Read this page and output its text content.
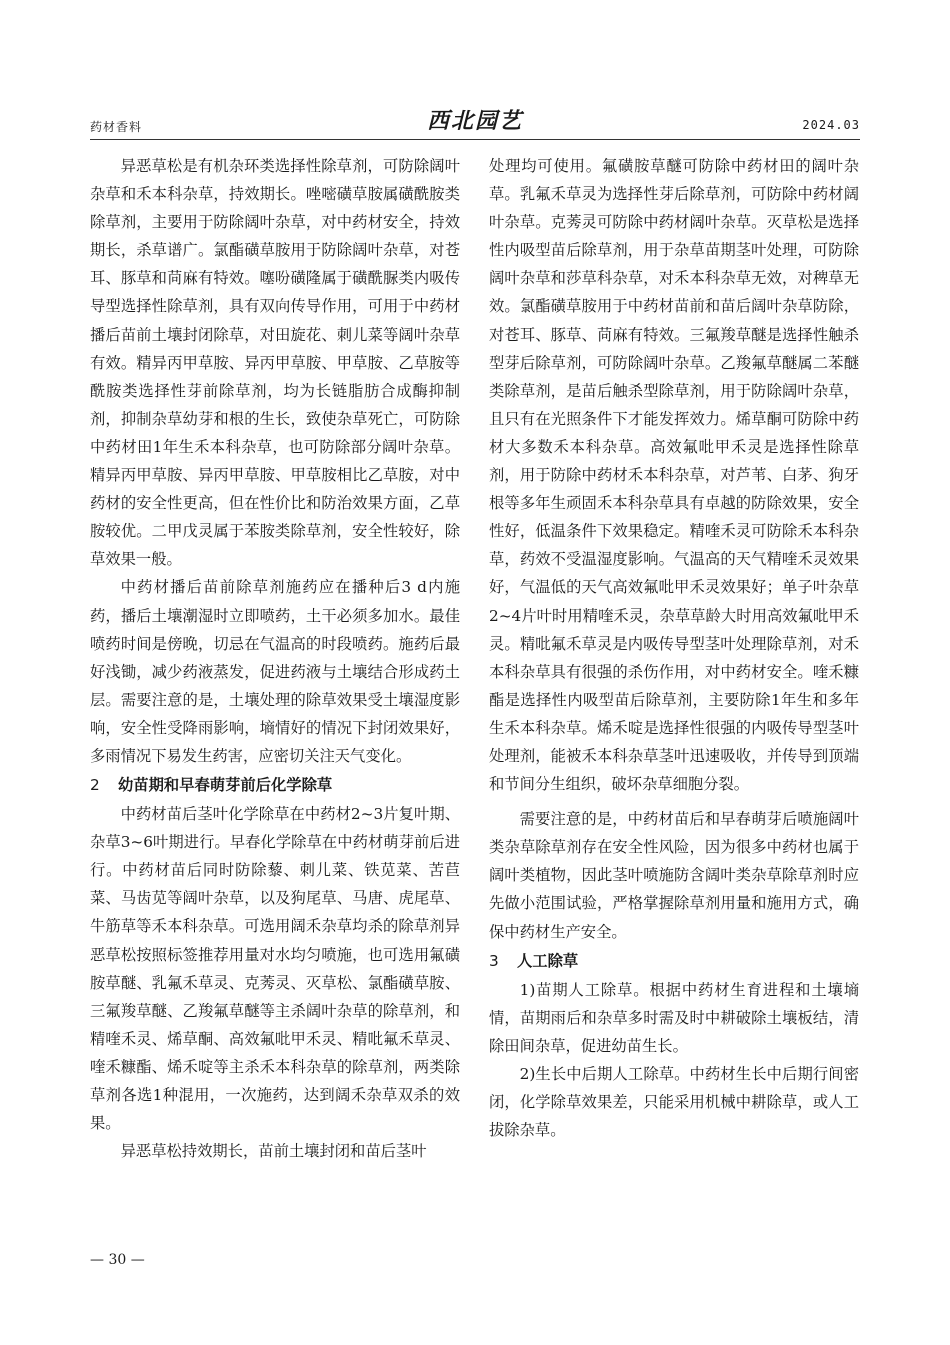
药材香料	西北园艺	2024.03

异恶草松是有机杂环类选择性除草剂，可防除阔叶杂草和禾本科杂草，持效期长。唑嘧磺草胺属磺酰胺类除草剂，主要用于防除阔叶杂草，对中药材安全，持效期长，杀草谱广。氯酯磺草胺用于防除阔叶杂草，对苍耳、豚草和苘麻有特效。噻吩磺隆属于磺酰脲类内吸传导型选择性除草剂，具有双向传导作用，可用于中药材播后苗前土壤封闭除草，对田旋花、刺儿菜等阔叶杂草有效。精异丙甲草胺、异丙甲草胺、甲草胺、乙草胺等酰胺类选择性芽前除草剂，均为长链脂肪合成酶抑制剂，抑制杂草幼芽和根的生长，致使杂草死亡，可防除中药材田1年生禾本科杂草，也可防除部分阔叶杂草。精异丙甲草胺、异丙甲草胺、甲草胺相比乙草胺，对中药材的安全性更高，但在性价比和防治效果方面，乙草胺较优。二甲戊灵属于苯胺类除草剂，安全性较好，除草效果一般。

中药材播后苗前除草剂施药应在播种后3 d内施药，播后土壤潮湿时立即喷药，土干必须多加水。最佳喷药时间是傍晚，切忌在气温高的时段喷药。施药后最好浅锄，减少药液蒸发，促进药液与土壤结合形成药土层。需要注意的是，土壤处理的除草效果受土壤湿度影响，安全性受降雨影响，墒情好的情况下封闭效果好，多雨情况下易发生药害，应密切关注天气变化。

2 幼苗期和早春萌芽前后化学除草

中药材苗后茎叶化学除草在中药材2~3片复叶期、杂草3~6叶期进行。早春化学除草在中药材萌芽前后进行。中药材苗后同时防除藜、刺儿菜、铁苋菜、苦苣菜、马齿苋等阔叶杂草，以及狗尾草、马唐、虎尾草、牛筋草等禾本科杂草。可选用阔禾杂草均杀的除草剂异恶草松按照标签推荐用量对水均匀喷施，也可选用氟磺胺草醚、乳氟禾草灵、克莠灵、灭草松、氯酯磺草胺、三氟羧草醚、乙羧氟草醚等主杀阔叶杂草的除草剂，和精喹禾灵、烯草酮、高效氟吡甲禾灵、精吡氟禾草灵、喹禾糠酯、烯禾啶等主杀禾本科杂草的除草剂，两类除草剂各选1种混用，一次施药，达到阔禾杂草双杀的效果。

异恶草松持效期长，苗前土壤封闭和苗后茎叶

处理均可使用。氟磺胺草醚可防除中药材田的阔叶杂草。乳氟禾草灵为选择性芽后除草剂，可防除中药材阔叶杂草。克莠灵可防除中药材阔叶杂草。灭草松是选择性内吸型苗后除草剂，用于杂草苗期茎叶处理，可防除阔叶杂草和莎草科杂草，对禾本科杂草无效，对稗草无效。氯酯磺草胺用于中药材苗前和苗后阔叶杂草防除，对苍耳、豚草、苘麻有特效。三氟羧草醚是选择性触杀型芽后除草剂，可防除阔叶杂草。乙羧氟草醚属二苯醚类除草剂，是苗后触杀型除草剂，用于防除阔叶杂草，且只有在光照条件下才能发挥效力。烯草酮可防除中药材大多数禾本科杂草。高效氟吡甲禾灵是选择性除草剂，用于防除中药材禾本科杂草，对芦苇、白茅、狗牙根等多年生顽固禾本科杂草具有卓越的防除效果，安全性好，低温条件下效果稳定。精喹禾灵可防除禾本科杂草，药效不受温湿度影响。气温高的天气精喹禾灵效果好，气温低的天气高效氟吡甲禾灵效果好；单子叶杂草2~4片叶时用精喹禾灵，杂草草龄大时用高效氟吡甲禾灵。精吡氟禾草灵是内吸传导型茎叶处理除草剂，对禾本科杂草具有很强的杀伤作用，对中药材安全。喹禾糠酯是选择性内吸型苗后除草剂，主要防除1年生和多年生禾本科杂草。烯禾啶是选择性很强的内吸传导型茎叶处理剂，能被禾本科杂草茎叶迅速吸收，并传导到顶端和节间分生组织，破坏杂草细胞分裂。

需要注意的是，中药材苗后和早春萌芽后喷施阔叶类杂草除草剂存在安全性风险，因为很多中药材也属于阔叶类植物，因此茎叶喷施防含阔叶类杂草除草剂时应先做小范围试验，严格掌握除草剂用量和施用方式，确保中药材生产安全。

3 人工除草

1)苗期人工除草。根据中药材生育进程和土壤墒情，苗期雨后和杂草多时需及时中耕破除土壤板结，清除田间杂草，促进幼苗生长。

2)生长中后期人工除草。中药材生长中后期行间密闭，化学除草效果差，只能采用机械中耕除草，或人工拔除杂草。

— 30 —
